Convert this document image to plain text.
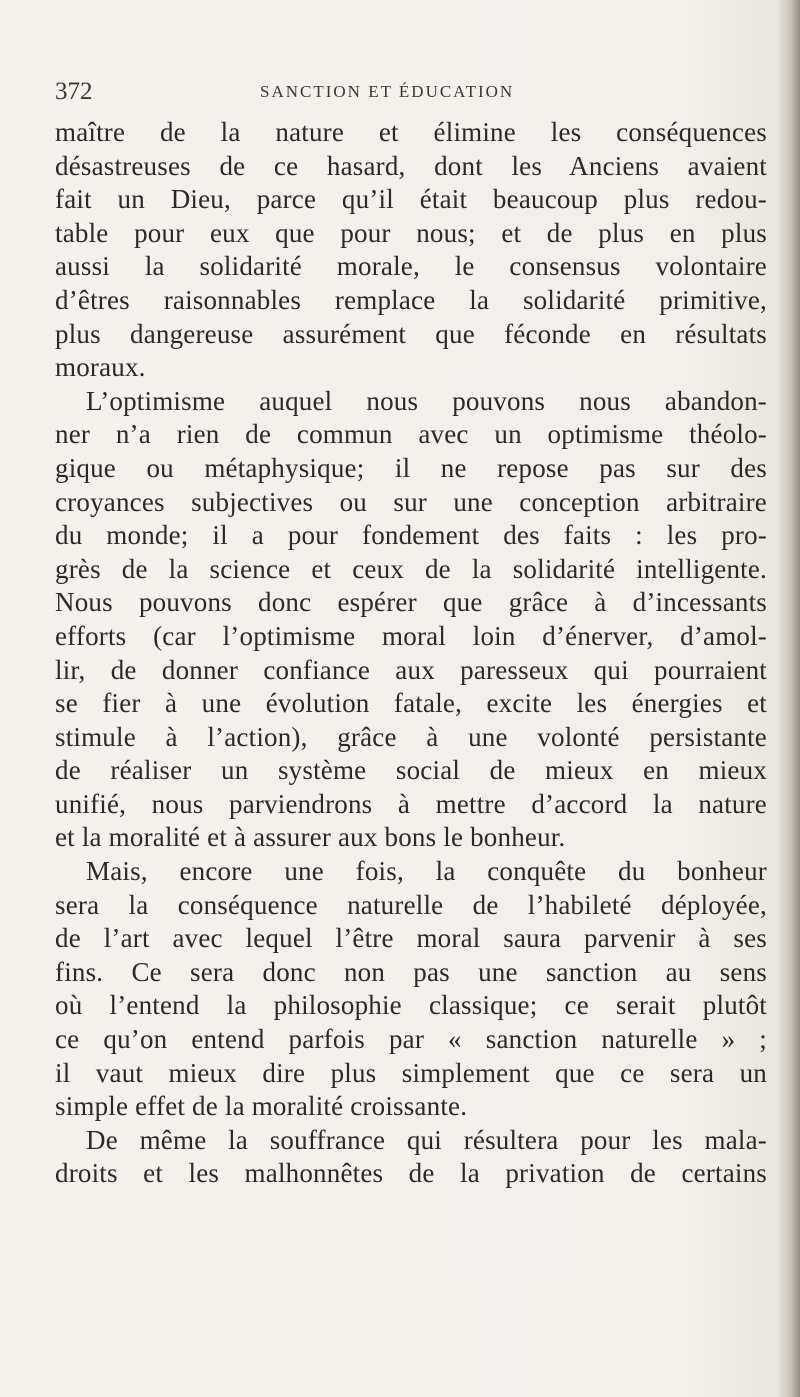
372	SANCTION ET ÉDUCATION

maître de la nature et élimine les conséquences
désastreuses de ce hasard, dont les Anciens avaient
fait un Dieu, parce qu’il était beaucoup plus redou-
table pour eux que pour nous; et de plus en plus
aussi la solidarité morale, le consensus volontaire
d’êtres raisonnables remplace la solidarité primitive,
plus dangereuse assurément que féconde en résultats
moraux.

L’optimisme auquel nous pouvons nous abandon-
ner n’a rien de commun avec un optimisme théolo-
gique ou métaphysique; il ne repose pas sur des
croyances subjectives ou sur une conception arbitraire
du monde; il a pour fondement des faits : les pro-
grès de la science et ceux de la solidarité intelligente.
Nous pouvons donc espérer que grâce à d’incessants
efforts (car l’optimisme moral loin d’énerver, d’amol-
lir, de donner confiance aux paresseux qui pourraient
se fier à une évolution fatale, excite les énergies et
stimule à l’action), grâce à une volonté persistante
de réaliser un système social de mieux en mieux
unifié, nous parviendrons à mettre d’accord la nature
et la moralité et à assurer aux bons le bonheur.

Mais, encore une fois, la conquête du bonheur
sera la conséquence naturelle de l’habileté déployée,
de l’art avec lequel l’être moral saura parvenir à ses
fins. Ce sera donc non pas une sanction au sens
où l’entend la philosophie classique; ce serait plutôt
ce qu’on entend parfois par « sanction naturelle » ;
il vaut mieux dire plus simplement que ce sera un
simple effet de la moralité croissante.

De même la souffrance qui résultera pour les mala-
droits et les malhonnêtes de la privation de certains
